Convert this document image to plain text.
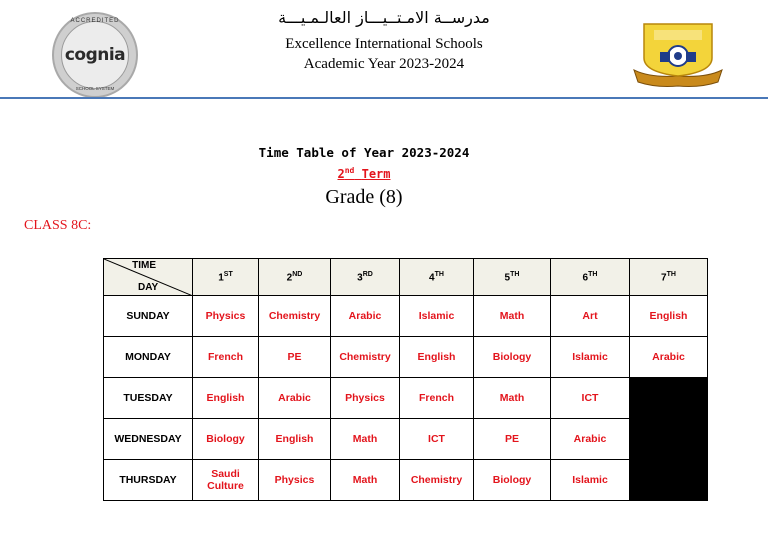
ACCREDITED
cognia
SCHOOL SYSTEM
مدرســة الامـتــيـــاز العالـمـيـــة
Excellence International Schools
Academic Year 2023-2024
Time Table of Year 2023-2024
2nd Term
Grade (8)
CLASS 8C:
TIME
DAY	1ST	2ND	3RD	4TH	5TH	6TH	7TH
SUNDAY	Physics	Chemistry	Arabic	Islamic	Math	Art	English
MONDAY	French	PE	Chemistry	English	Biology	Islamic	Arabic
TUESDAY	English	Arabic	Physics	French	Math	ICT	
WEDNESDAY	Biology	English	Math	ICT	PE	Arabic	
THURSDAY	Saudi Culture	Physics	Math	Chemistry	Biology	Islamic	
